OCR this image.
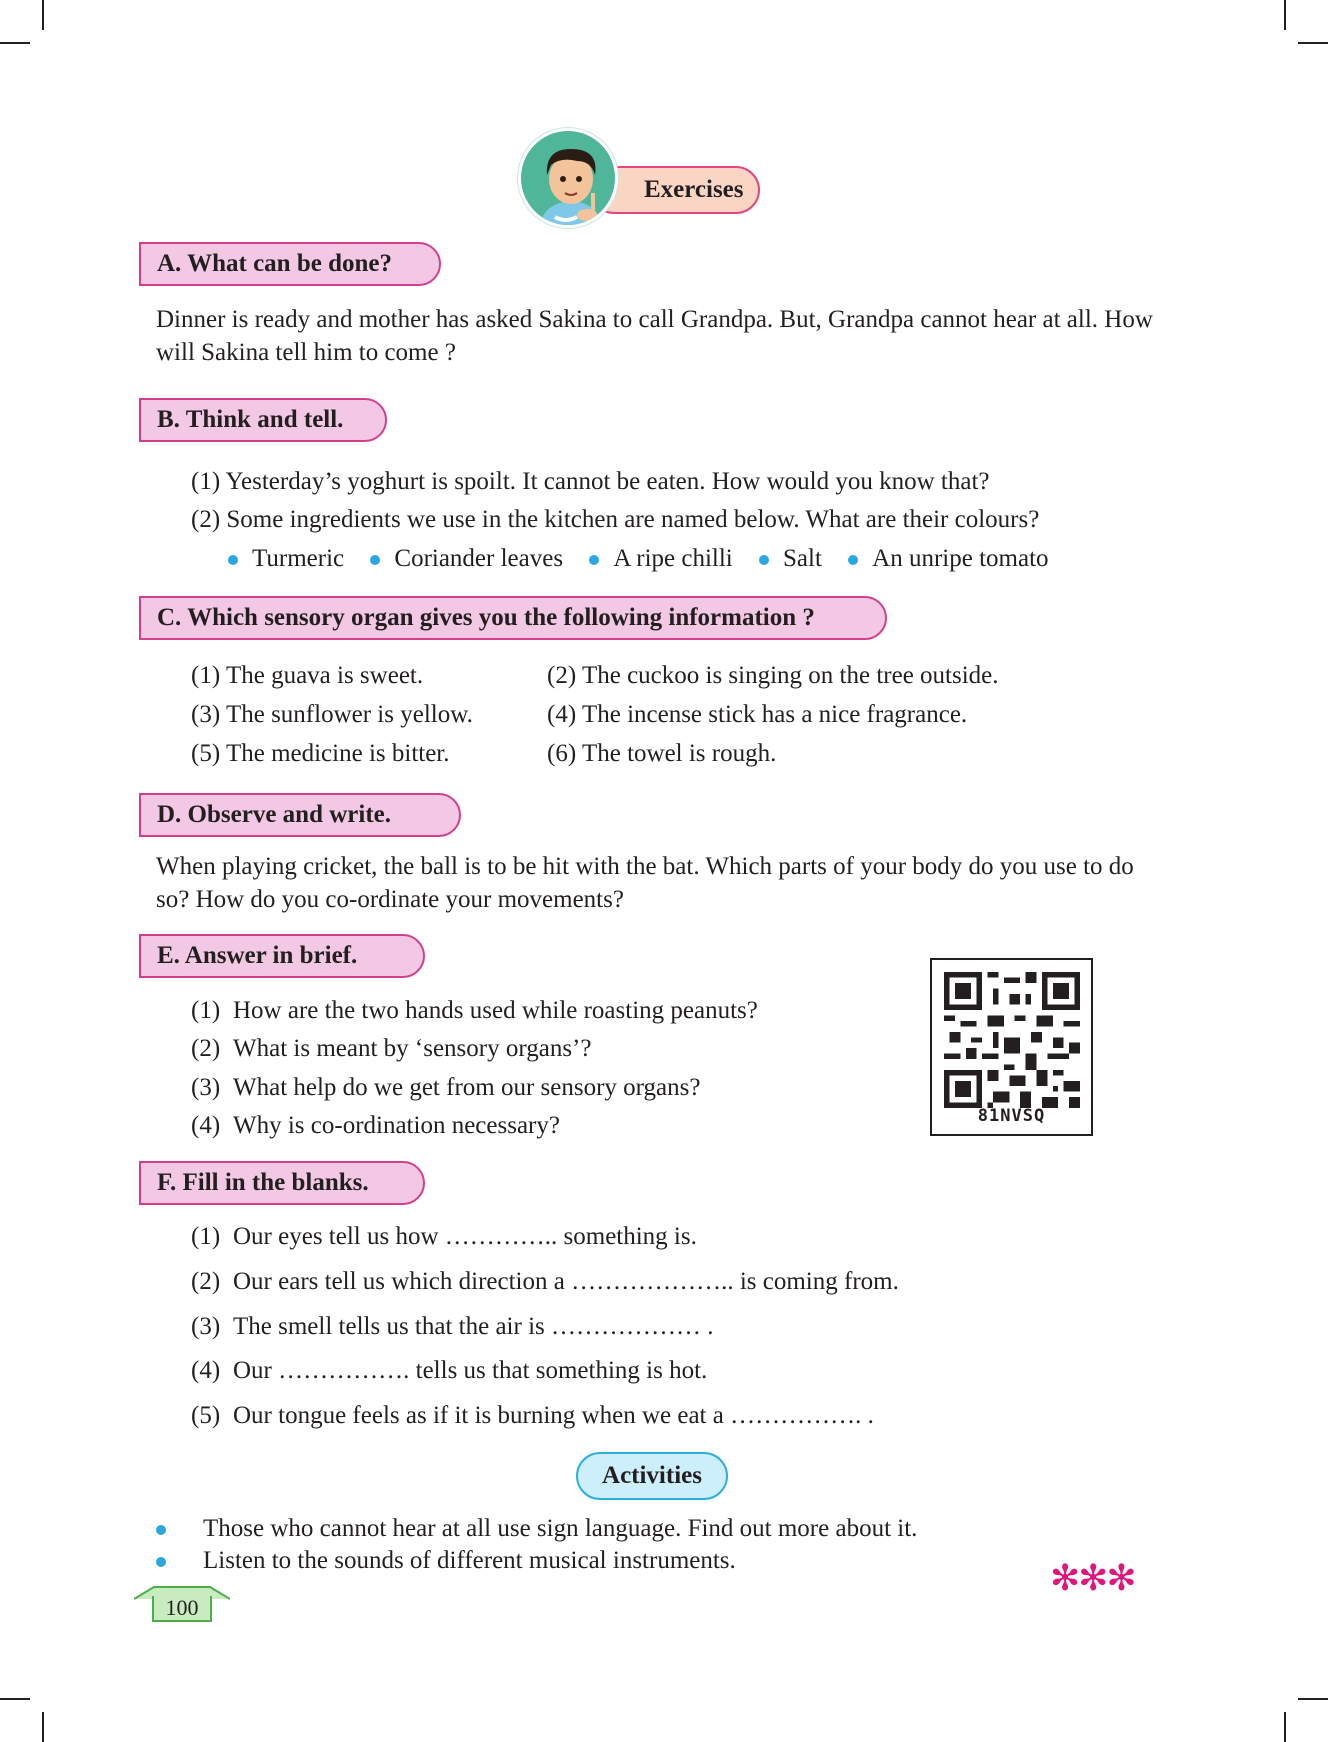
Exercises
A. What can be done?
Dinner is ready and mother has asked Sakina to call Grandpa. But, Grandpa cannot hear at all. How will Sakina tell him to come ?
B. Think and tell.
(1) Yesterday’s yoghurt is spoilt. It cannot be eaten. How would you know that?
(2) Some ingredients we use in the kitchen are named below. What are their colours?
Turmeric Coriander leaves A ripe chilli Salt An unripe tomato
C. Which sensory organ gives you the following information ?
(1) The guava is sweet.	(2) The cuckoo is singing on the tree outside.
(3) The sunflower is yellow.	(4) The incense stick has a nice fragrance.
(5) The medicine is bitter.	(6) The towel is rough.
D. Observe and write.
When playing cricket, the ball is to be hit with the bat. Which parts of your body do you use to do so? How do you co-ordinate your movements?
E. Answer in brief.
(1) How are the two hands used while roasting peanuts?
(2) What is meant by ‘sensory organs’?
(3) What help do we get from our sensory organs?
(4) Why is co-ordination necessary?	81NVSQ
F. Fill in the blanks.
(1) Our eyes tell us how ………….. something is.
(2) Our ears tell us which direction a ……………….. is coming from.
(3) The smell tells us that the air is ……………… .
(4) Our ……………. tells us that something is hot.
(5) Our tongue feels as if it is burning when we eat a ……………. .
Activities
Those who cannot hear at all use sign language. Find out more about it.
Listen to the sounds of different musical instruments.	✻✻✻
100
